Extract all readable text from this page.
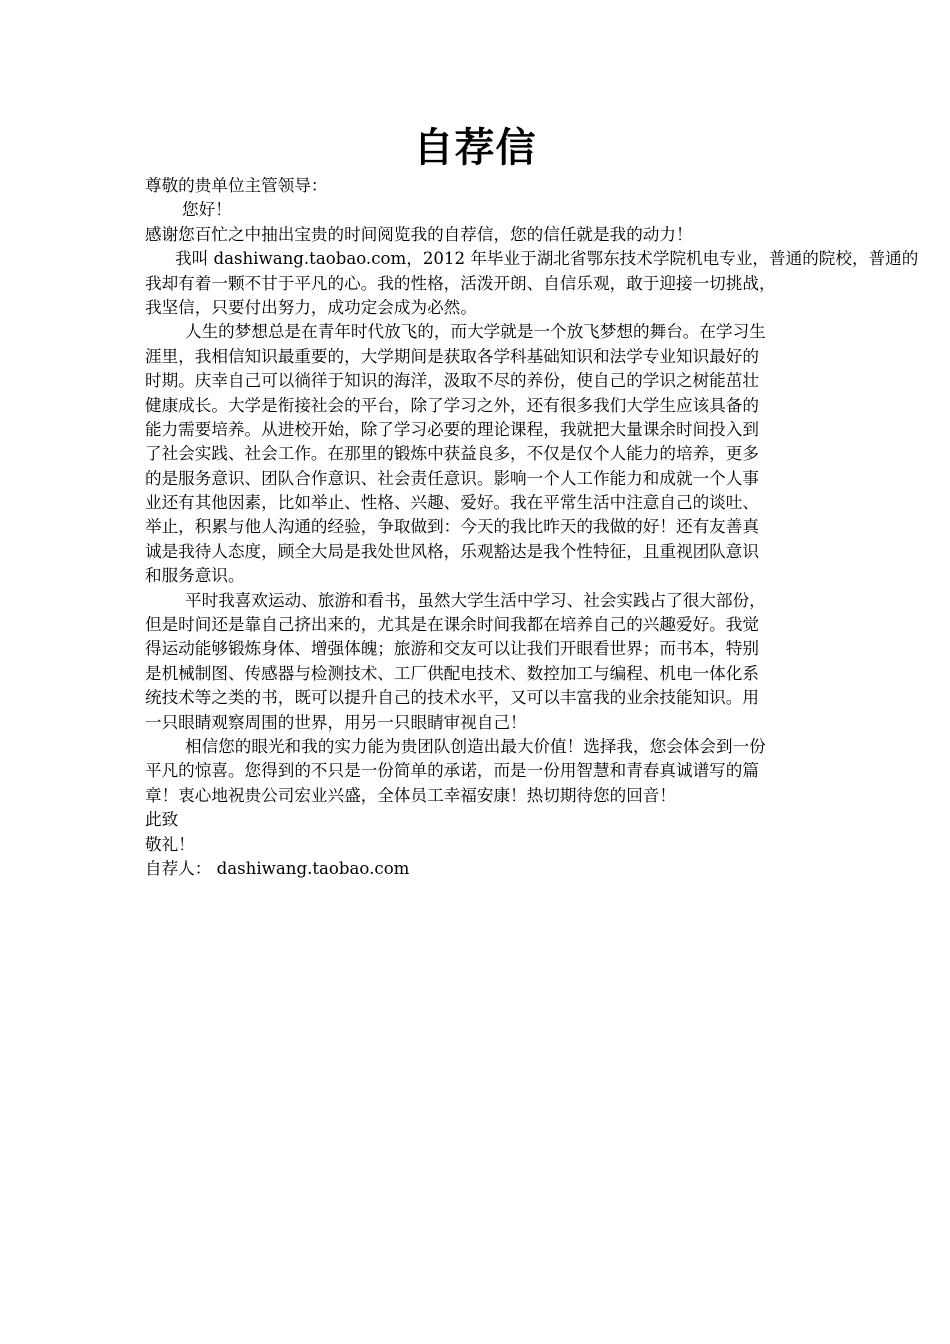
自荐信
尊敬的贵单位主管领导：
您好！
感谢您百忙之中抽出宝贵的时间阅览我的自荐信，您的信任就是我的动力！
我叫 dashiwang.taobao.com，2012 年毕业于湖北省鄂东技术学院机电专业，普通的院校，普通的
我却有着一颗不甘于平凡的心。我的性格，活泼开朗、自信乐观，敢于迎接一切挑战，
我坚信，只要付出努力，成功定会成为必然。
人生的梦想总是在青年时代放飞的，而大学就是一个放飞梦想的舞台。在学习生
涯里，我相信知识最重要的，大学期间是获取各学科基础知识和法学专业知识最好的
时期。庆幸自己可以徜徉于知识的海洋，汲取不尽的养份，使自己的学识之树能茁壮
健康成长。大学是衔接社会的平台，除了学习之外，还有很多我们大学生应该具备的
能力需要培养。从进校开始，除了学习必要的理论课程，我就把大量课余时间投入到
了社会实践、社会工作。在那里的锻炼中获益良多，不仅是仅个人能力的培养，更多
的是服务意识、团队合作意识、社会责任意识。影响一个人工作能力和成就一个人事
业还有其他因素，比如举止、性格、兴趣、爱好。我在平常生活中注意自己的谈吐、
举止，积累与他人沟通的经验，争取做到：今天的我比昨天的我做的好！还有友善真
诚是我待人态度，顾全大局是我处世风格，乐观豁达是我个性特征，且重视团队意识
和服务意识。
平时我喜欢运动、旅游和看书，虽然大学生活中学习、社会实践占了很大部份，
但是时间还是靠自己挤出来的，尤其是在课余时间我都在培养自己的兴趣爱好。我觉
得运动能够锻炼身体、增强体魄；旅游和交友可以让我们开眼看世界；而书本，特别
是机械制图、传感器与检测技术、工厂供配电技术、数控加工与编程、机电一体化系
统技术等之类的书，既可以提升自己的技术水平，又可以丰富我的业余技能知识。用
一只眼睛观察周围的世界，用另一只眼睛审视自己！
相信您的眼光和我的实力能为贵团队创造出最大价值！选择我，您会体会到一份
平凡的惊喜。您得到的不只是一份简单的承诺，而是一份用智慧和青春真诚谱写的篇
章！衷心地祝贵公司宏业兴盛，全体员工幸福安康！热切期待您的回音！
此致
敬礼！
自荐人： dashiwang.taobao.com
